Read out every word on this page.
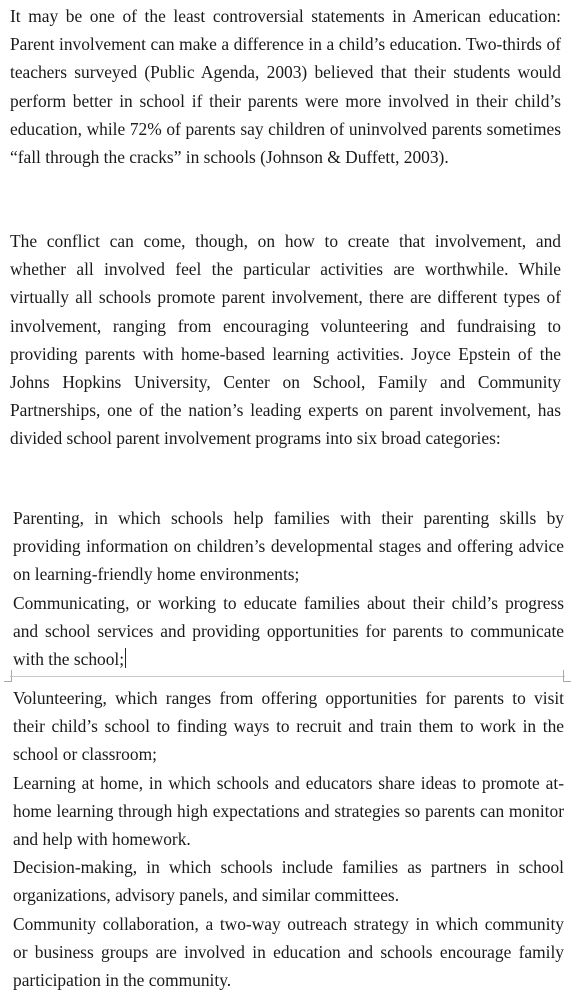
It may be one of the least controversial statements in American education: Parent involvement can make a difference in a child’s education. Two-thirds of teachers surveyed (Public Agenda, 2003) believed that their students would perform better in school if their parents were more involved in their child’s education, while 72% of parents say children of uninvolved parents sometimes “fall through the cracks” in schools (Johnson & Duffett, 2003).

The conflict can come, though, on how to create that involvement, and whether all involved feel the particular activities are worthwhile. While virtually all schools promote parent involvement, there are different types of involvement, ranging from encouraging volunteering and fundraising to providing parents with home-based learning activities. Joyce Epstein of the Johns Hopkins University, Center on School, Family and Community Partnerships, one of the nation’s leading experts on parent involvement, has divided school parent involvement programs into six broad categories:

Parenting, in which schools help families with their parenting skills by providing information on children’s developmental stages and offering advice on learning-friendly home environments;

Communicating, or working to educate families about their child’s progress and school services and providing opportunities for parents to communicate with the school;

Volunteering, which ranges from offering opportunities for parents to visit their child’s school to finding ways to recruit and train them to work in the school or classroom;

Learning at home, in which schools and educators share ideas to promote at-home learning through high expectations and strategies so parents can monitor and help with homework.

Decision-making, in which schools include families as partners in school organizations, advisory panels, and similar committees.

Community collaboration, a two-way outreach strategy in which community or business groups are involved in education and schools encourage family participation in the community.
